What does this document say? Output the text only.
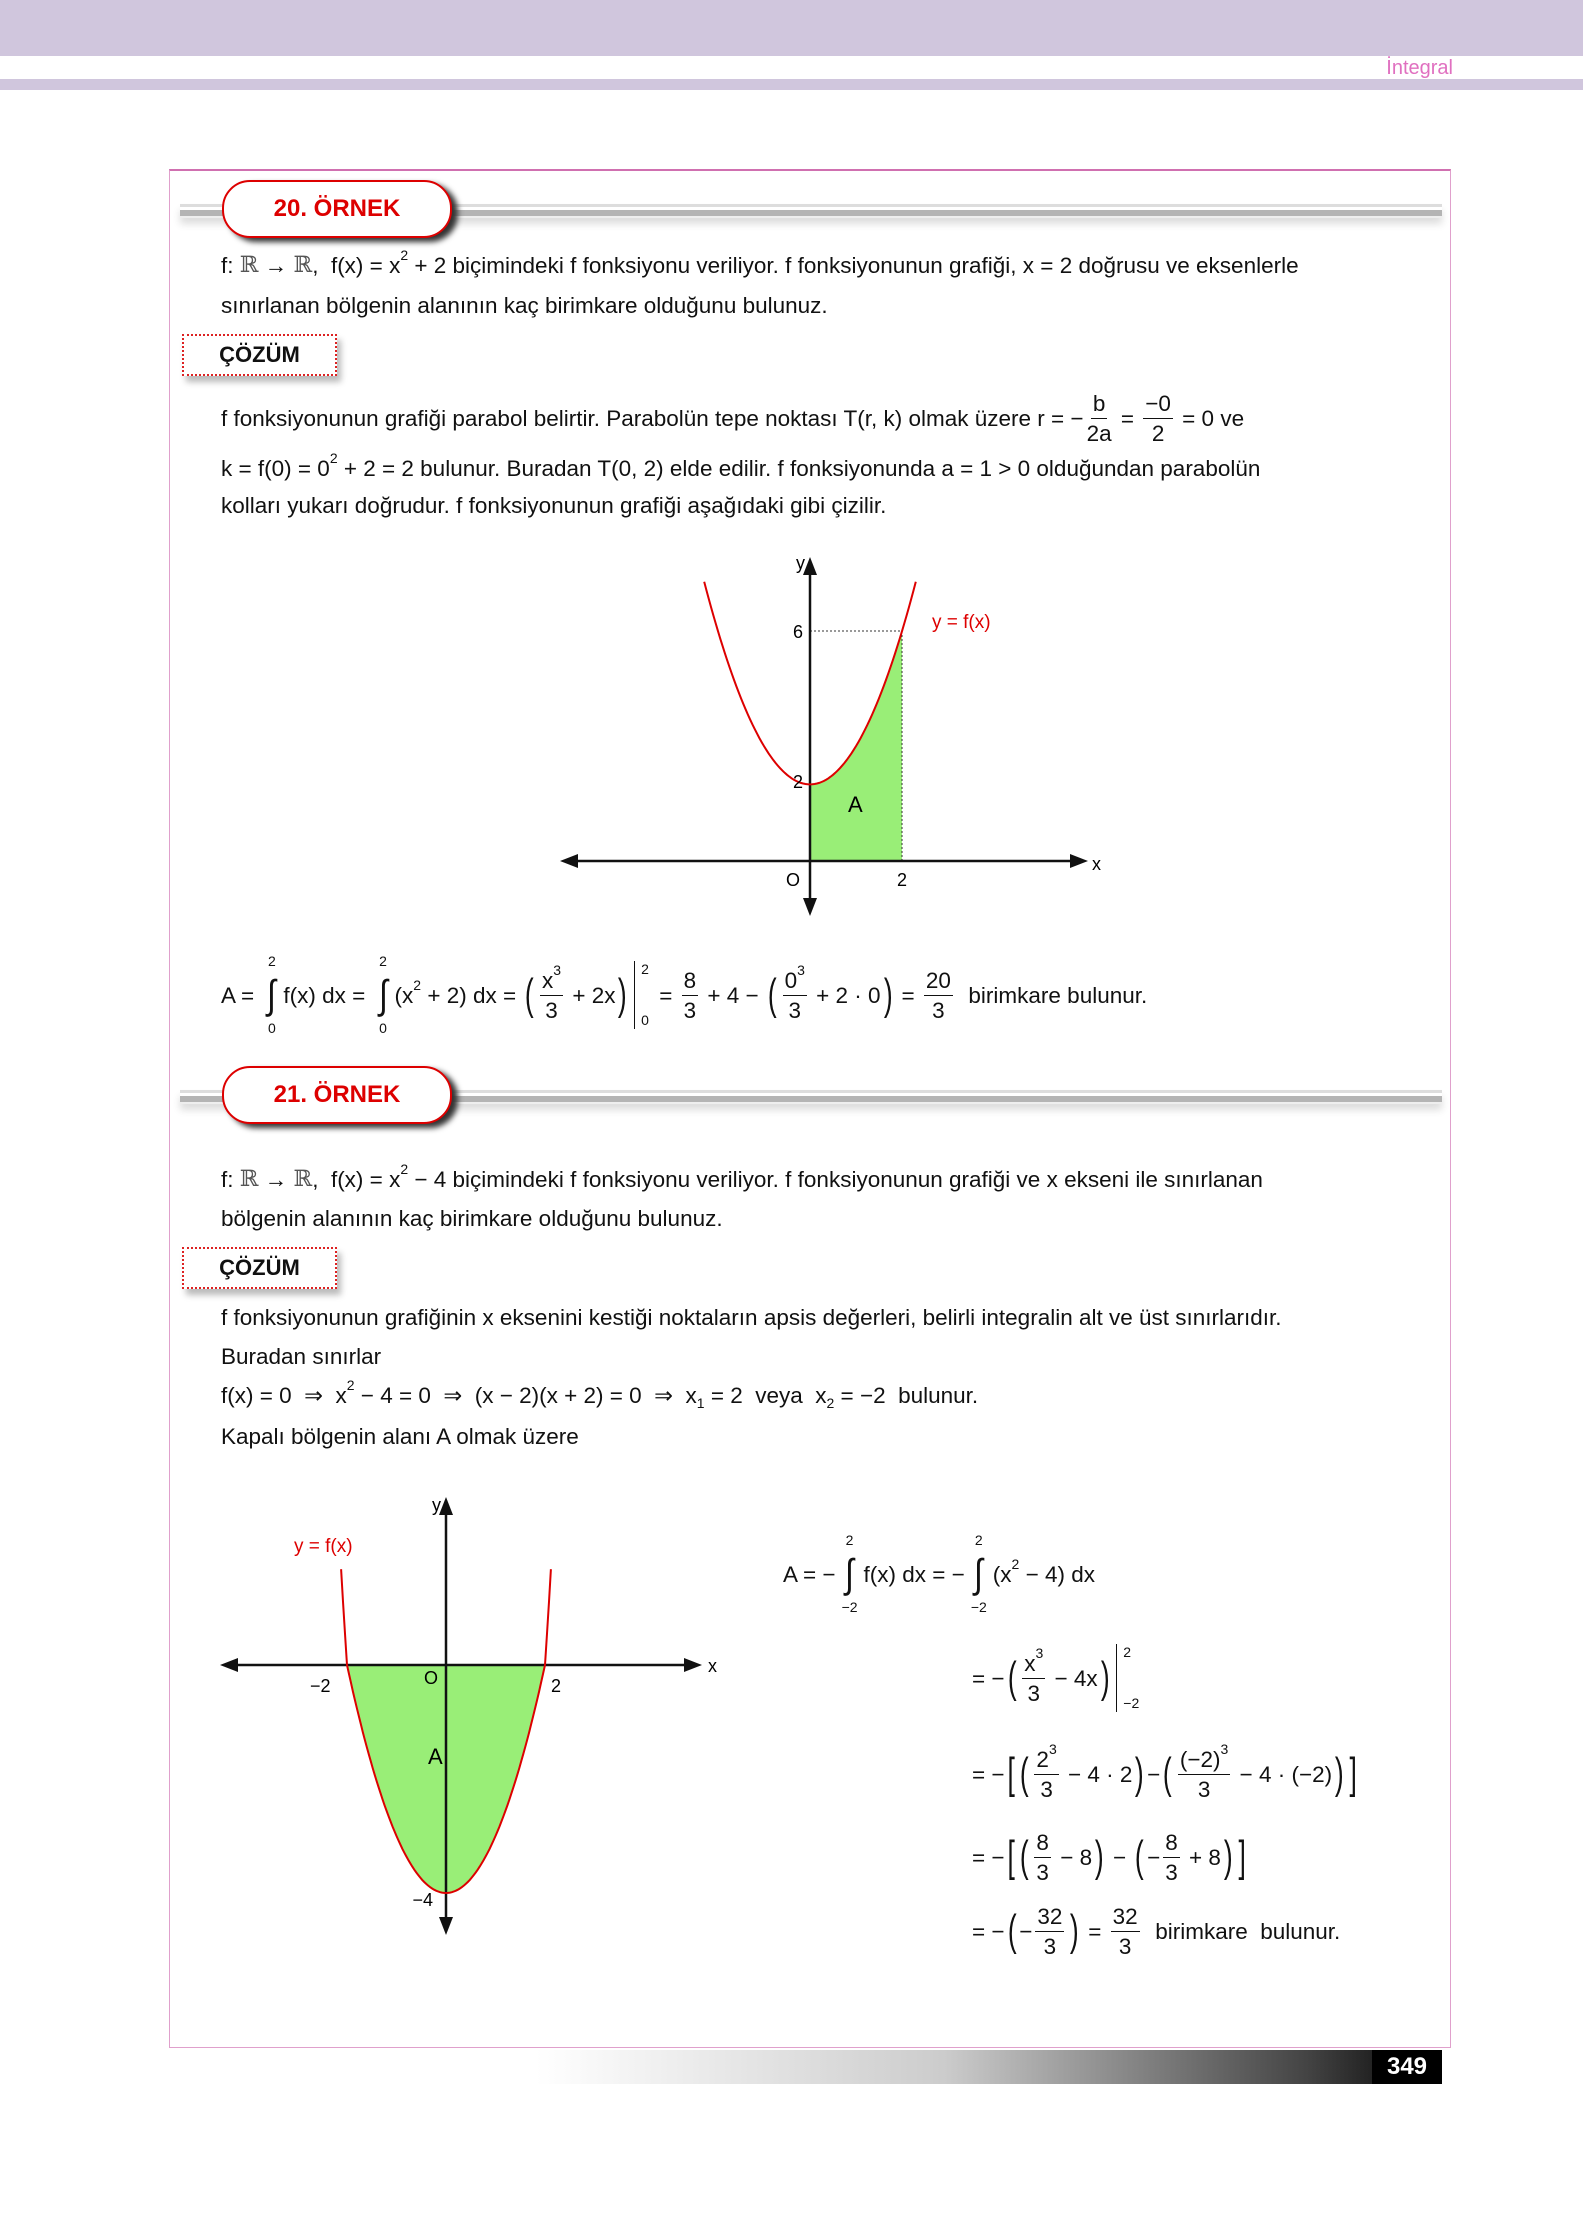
İntegral
20. ÖRNEK
f: ℝ → ℝ ,  f(x) = x 2 + 2 biçimindeki f fonksiyonu veriliyor. f fonksiyonunun grafiği, x = 2 doğrusu ve eksenlerle
sınırlanan bölgenin alanının kaç birimkare olduğunu bulunuz.
ÇÖZÜM
f fonksiyonunun grafiği parabol belirtir. Parabolün tepe noktası T(r, k) olmak üzere r = − $\frac{b}{2a} = \frac{-0}{2} = 0$ ve
k = f(0) = 0 2 + 2 = 2 bulunur. Buradan T(0, 2) elde edilir. f fonksiyonunda a = 1 > 0 olduğundan parabolün
kolları yukarı doğrudur. f fonksiyonunun grafiği aşağıdaki gibi çizilir.
y
x
O	2
2
6
A
y = f(x)
A =
2
∫
0
f(x) dx =
2
∫
0
(x 2 + 2) dx = ( $\frac{x 3}{3} + 2x$ )
2
0
= $\frac{8}{3} + 4$ − ( $\frac{0 3}{3} + 2 \cdot 0$ ) = $\frac{20}{3}$ birimkare bulunur.
21. ÖRNEK
f: ℝ → ℝ ,  f(x) = x 2 − 4 biçimindeki f fonksiyonu veriliyor. f fonksiyonunun grafiği ve x ekseni ile sınırlanan
bölgenin alanının kaç birimkare olduğunu bulunuz.
ÇÖZÜM
f fonksiyonunun grafiğinin x eksenini kestiği noktaların apsis değerleri, belirli integralin alt ve üst sınırlarıdır.
Buradan sınırlar
f(x) = 0  ⇒  x 2 − 4 = 0  ⇒  (x − 2)(x + 2) = 0  ⇒  x 1 = 2  veya  x 2 = −2  bulunur.
Kapalı bölgenin alanı A olmak üzere
y
x
O
−2	2
−4
A
y = f(x)
A = −
2
∫
−2
f(x) dx = −
2
∫
−2
(x 2 − 4) dx
= − ( $\frac{x 3}{3} - 4x$ )
2
−2
= − [ ( $\frac{2 3}{3} - 4 \cdot 2$ ) − ( $\frac{(-2) 3}{3} - 4 \cdot (-2)$ ) ]
= − [ ( $\frac{8}{3} - 8$ ) − ( − $\frac{8}{3} + 8$ ) ]
= − ( − $\frac{32}{3}$ ) = $\frac{32}{3}$ birimkare  bulunur.
349
